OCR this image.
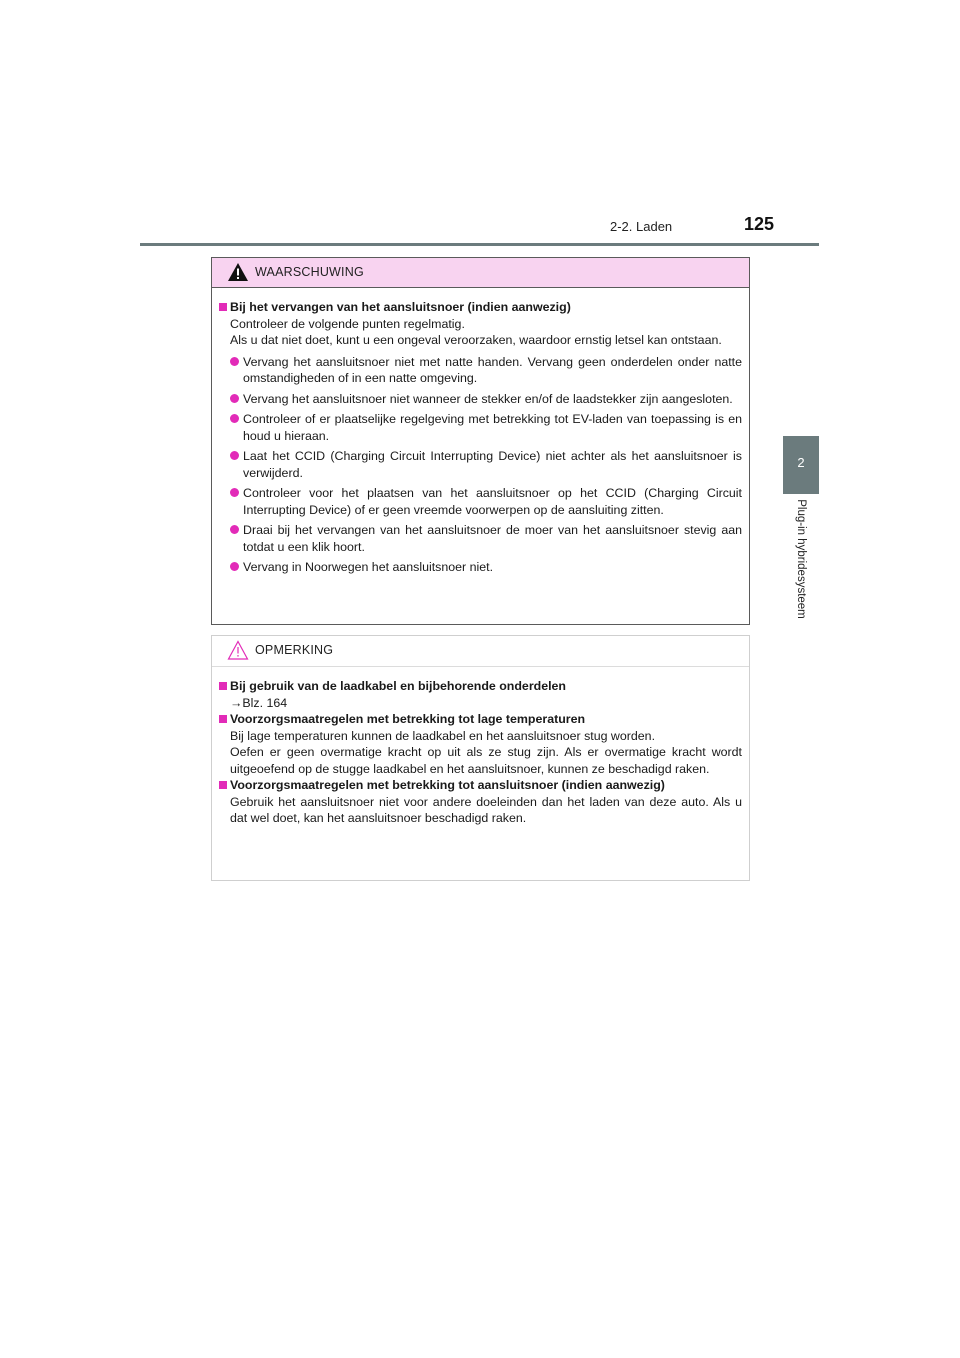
2-2. Laden	125
2
Plug-in hybridesysteem
WAARSCHUWING

Bij het vervangen van het aansluitsnoer (indien aanwezig)

Controleer de volgende punten regelmatig.

Als u dat niet doet, kunt u een ongeval veroorzaken, waardoor ernstig letsel kan ontstaan.

Vervang het aansluitsnoer niet met natte handen. Vervang geen onderdelen onder natte omstandigheden of in een natte omgeving.
Vervang het aansluitsnoer niet wanneer de stekker en/of de laadstekker zijn aangesloten.
Controleer of er plaatselijke regelgeving met betrekking tot EV-laden van toepassing is en houd u hieraan.
Laat het CCID (Charging Circuit Interrupting Device) niet achter als het aansluitsnoer is verwijderd.
Controleer voor het plaatsen van het aansluitsnoer op het CCID (Charging Circuit Interrupting Device) of er geen vreemde voorwerpen op de aansluiting zitten.
Draai bij het vervangen van het aansluitsnoer de moer van het aansluitsnoer stevig aan totdat u een klik hoort.
Vervang in Noorwegen het aansluitsnoer niet.
OPMERKING

Bij gebruik van de laadkabel en bijbehorende onderdelen

→Blz. 164

Voorzorgsmaatregelen met betrekking tot lage temperaturen

Bij lage temperaturen kunnen de laadkabel en het aansluitsnoer stug worden.

Oefen er geen overmatige kracht op uit als ze stug zijn. Als er overmatige kracht wordt uitgeoefend op de stugge laadkabel en het aansluitsnoer, kunnen ze beschadigd raken.

Voorzorgsmaatregelen met betrekking tot aansluitsnoer (indien aanwezig)

Gebruik het aansluitsnoer niet voor andere doeleinden dan het laden van deze auto. Als u dat wel doet, kan het aansluitsnoer beschadigd raken.
